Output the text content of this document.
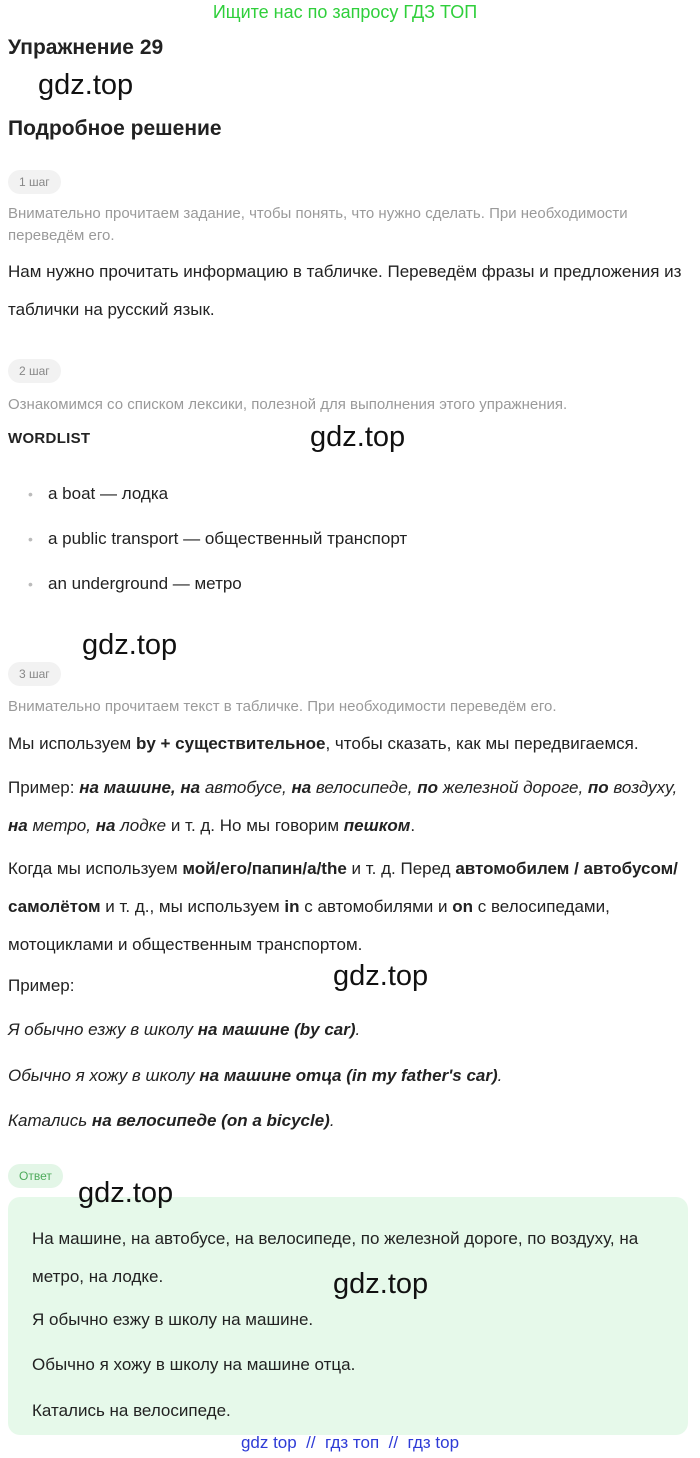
Ищите нас по запросу ГДЗ ТОП
Упражнение 29
gdz.top
Подробное решение
1 шаг
Внимательно прочитаем задание, чтобы понять, что нужно сделать. При необходимости переведём его.
Нам нужно прочитать информацию в табличке. Переведём фразы и предложения из таблички на русский язык.
2 шаг
Ознакомимся со списком лексики, полезной для выполнения этого упражнения.
WORDLIST	gdz.top
• a boat — лодка
• a public transport — общественный транспорт
• an underground — метро
gdz.top
3 шаг
Внимательно прочитаем текст в табличке. При необходимости переведём его.
Мы используем by + существительное, чтобы сказать, как мы передвигаемся.
Пример: на машине, на автобусе, на велосипеде, по железной дороге, по воздуху, на метро, на лодке и т. д. Но мы говорим пешком.
Когда мы используем мой/его/папин/a/the и т. д. Перед автомобилем / автобусом/самолётом и т. д., мы используем in с автомобилями и on с велосипедами, мотоциклами и общественным транспортом.
Пример:	gdz.top
Я обычно езжу в школу на машине (by car).
Обычно я хожу в школу на машине отца (in my father's car).
Катались на велосипеде (on a bicycle).
Ответ
gdz.top
На машине, на автобусе, на велосипеде, по железной дороге, по воздуху, на метро, на лодке.	gdz.top
Я обычно езжу в школу на машине.
Обычно я хожу в школу на машине отца.
Катались на велосипеде.
gdz top  //  гдз топ  //  гдз top
